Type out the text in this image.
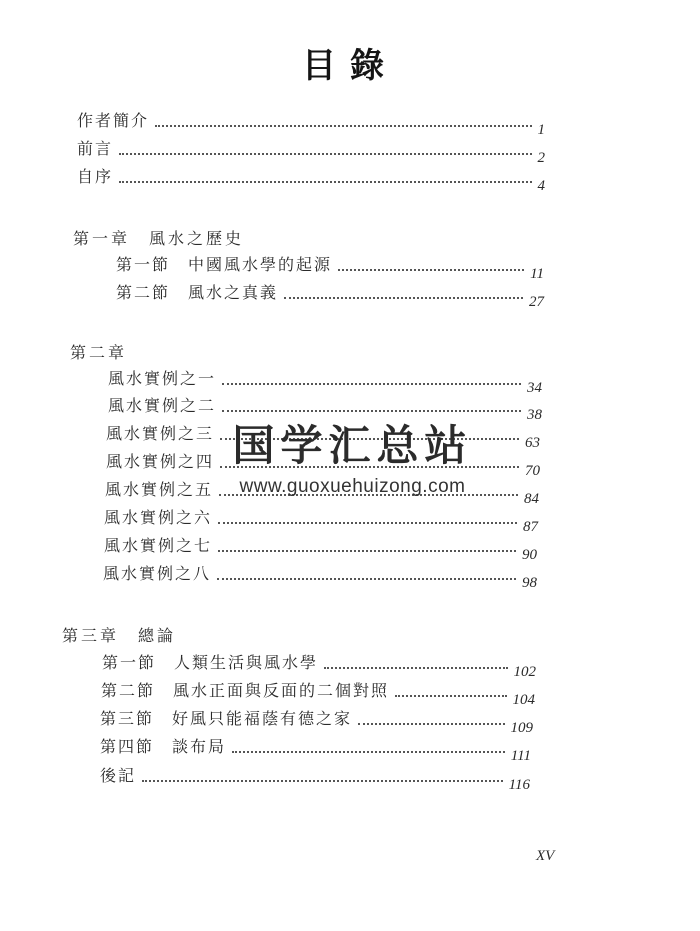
目錄
作者簡介	1
前言	2
自序	4
第一章　風水之歷史
第一節　中國風水學的起源	11
第二節　風水之真義	27
第二章
風水實例之一	34
風水實例之二	38
風水實例之三	63
風水實例之四	70
風水實例之五	84
風水實例之六	87
風水實例之七	90
風水實例之八	98
第三章　總論
第一節　人類生活與風水學	102
第二節　風水正面與反面的二個對照	104
第三節　好風只能福蔭有德之家	109
第四節　談布局	111
後記	116
国学汇总站
www.guoxuehuizong.com
XV
